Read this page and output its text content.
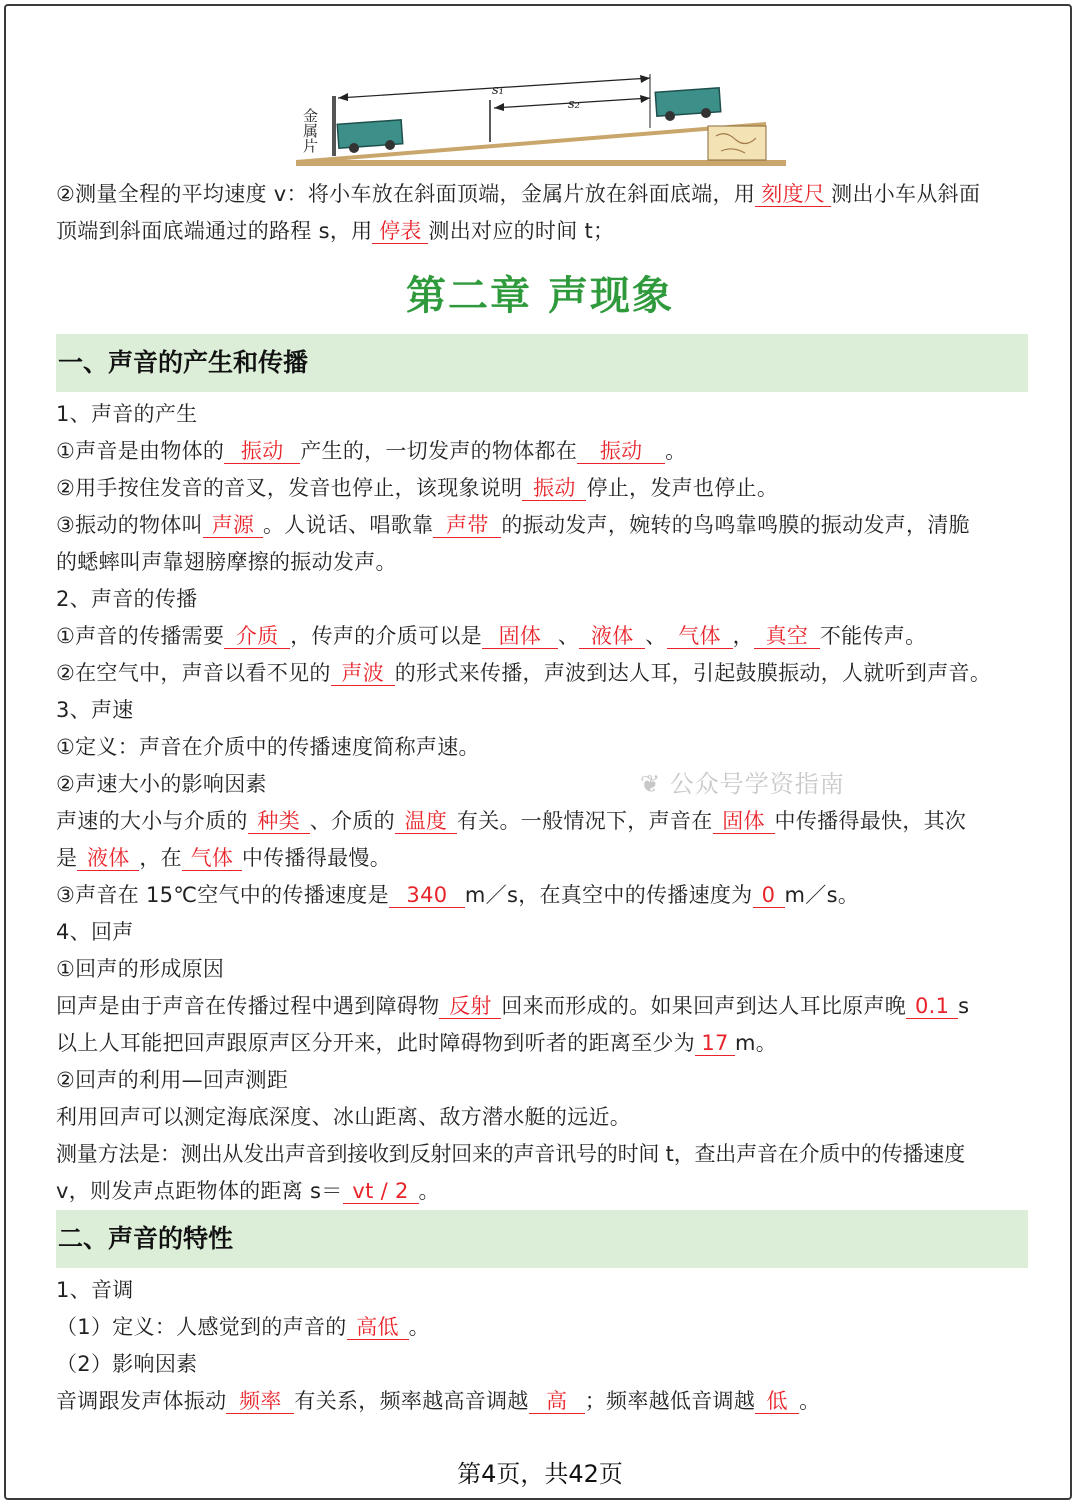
金属片
s₁
s₂
②测量全程的平均速度 v：将小车放在斜面顶端，金属片放在斜面底端，用 刻度尺 测出小车从斜面
顶端到斜面底端通过的路程 s，用 停表 测出对应的时间 t；
第二章 声现象
一、声音的产生和传播
1、声音的产生
①声音是由物体的 振动 产生的，一切发声的物体都在 振动 。
②用手按住发音的音叉，发音也停止，该现象说明 振动 停止，发声也停止。
③振动的物体叫 声源 。人说话、唱歌靠 声带 的振动发声，婉转的鸟鸣靠鸣膜的振动发声，清脆
的蟋蟀叫声靠翅膀摩擦的振动发声。
2、声音的传播
①声音的传播需要 介质 ，传声的介质可以是 固体 、 液体 、 气体 ， 真空 不能传声。
②在空气中，声音以看不见的 声波 的形式来传播，声波到达人耳，引起鼓膜振动，人就听到声音。
3、声速
①定义：声音在介质中的传播速度简称声速。
②声速大小的影响因素
声速的大小与介质的 种类 、介质的 温度 有关。一般情况下，声音在 固体 中传播得最快，其次
是 液体 ，在 气体 中传播得最慢。
③声音在 15℃空气中的传播速度是 340 m／s，在真空中的传播速度为 0 m／s。
4、回声
①回声的形成原因
回声是由于声音在传播过程中遇到障碍物 反射 回来而形成的。如果回声到达人耳比原声晚 0.1 s
以上人耳能把回声跟原声区分开来，此时障碍物到听者的距离至少为 17 m。
②回声的利用—回声测距
利用回声可以测定海底深度、冰山距离、敌方潜水艇的远近。
测量方法是：测出从发出声音到接收到反射回来的声音讯号的时间 t，查出声音在介质中的传播速度
v，则发声点距物体的距离 s＝ vt / 2 。
❦ 公众号学资指南
二、声音的特性
1、音调
（1）定义：人感觉到的声音的 高低 。
（2）影响因素
音调跟发声体振动 频率 有关系，频率越高音调越 高 ；频率越低音调越 低 。
第4页，共42页
